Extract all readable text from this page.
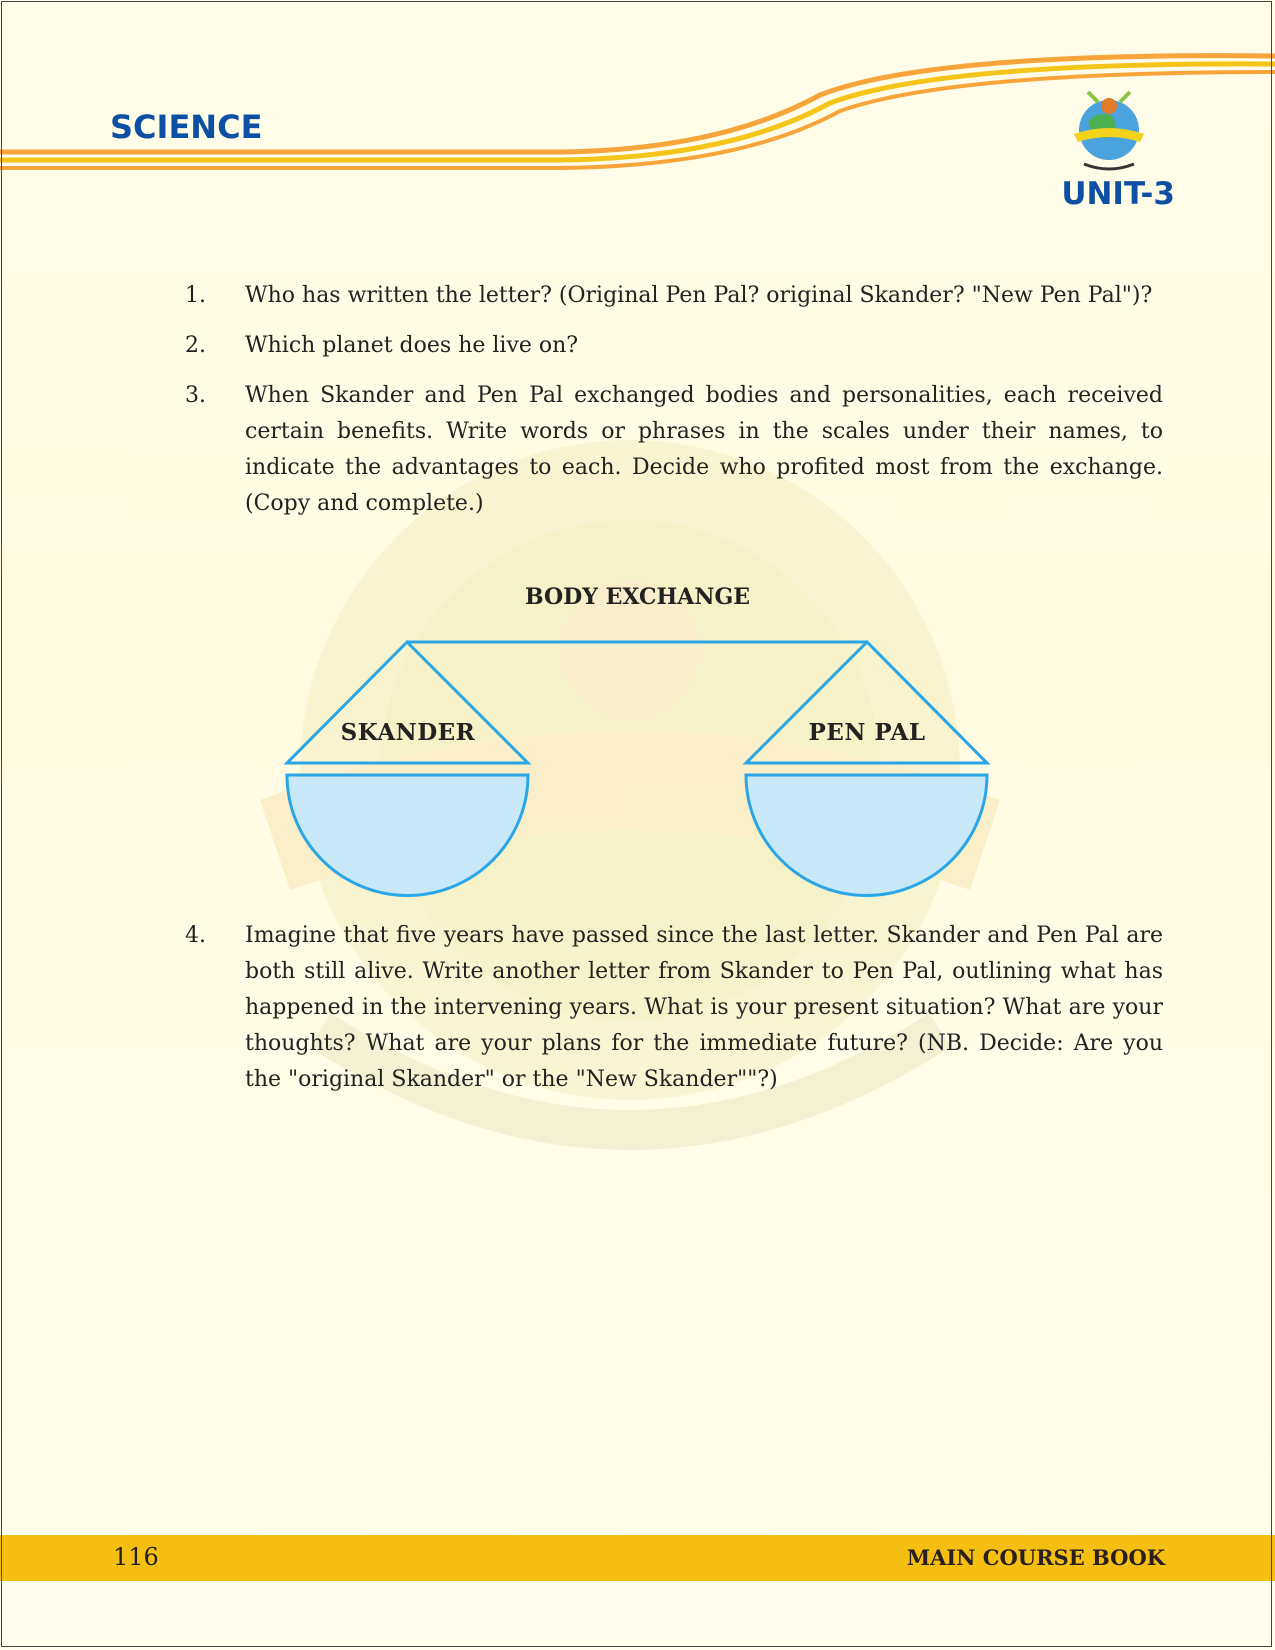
SCIENCE
UNIT-3
1.	Who has written the letter? (Original Pen Pal? original Skander? "New Pen Pal")?
2.	Which planet does he live on?
3.	When Skander and Pen Pal exchanged bodies and personalities, each received certain benefits. Write words or phrases in the scales under their names, to indicate the advantages to each. Decide who profited most from the exchange. (Copy and complete.)
BODY EXCHANGE
SKANDER	PEN PAL
4.	Imagine that five years have passed since the last letter. Skander and Pen Pal are both still alive. Write another letter from Skander to Pen Pal, outlining what has happened in the intervening years. What is your present situation? What are your thoughts? What are your plans for the immediate future? (NB. Decide: Are you the "original Skander" or the "New Skander""?)
116	MAIN COURSE BOOK
